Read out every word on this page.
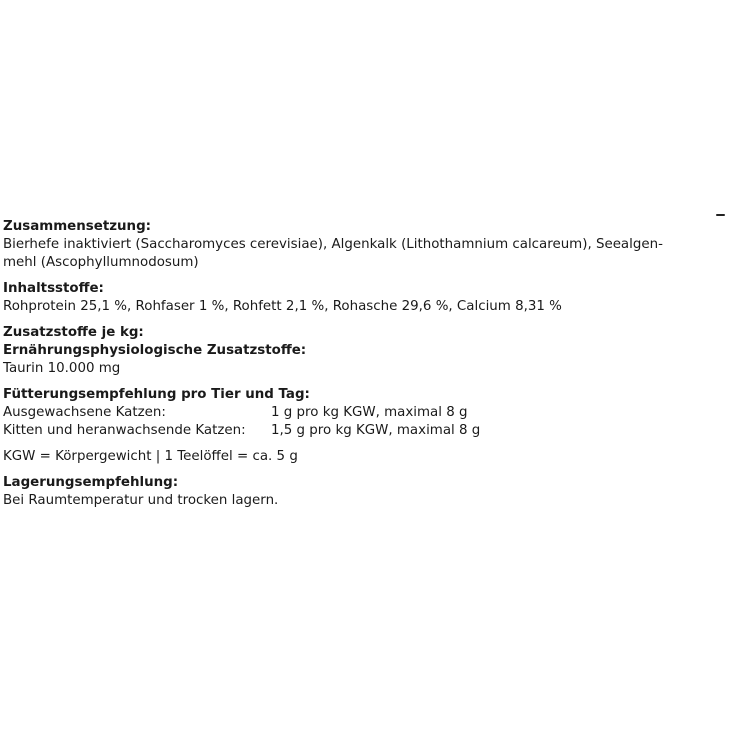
Zusammensetzung:
Bierhefe inaktiviert (Saccharomyces cerevisiae), Algenkalk (Lithothamnium calcareum), Seealgen-
mehl (Ascophyllumnodosum)
Inhaltsstoffe:
Rohprotein 25,1 %, Rohfaser 1 %, Rohfett 2,1 %, Rohasche 29,6 %, Calcium 8,31 %
Zusatzstoffe je kg:
Ernährungsphysiologische Zusatzstoffe:
Taurin 10.000 mg
Fütterungsempfehlung pro Tier und Tag:
Ausgewachsene Katzen:	1 g pro kg KGW, maximal 8 g
Kitten und heranwachsende Katzen:	1,5 g pro kg KGW, maximal 8 g
KGW = Körpergewicht | 1 Teelöffel = ca. 5 g
Lagerungsempfehlung:
Bei Raumtemperatur und trocken lagern.
